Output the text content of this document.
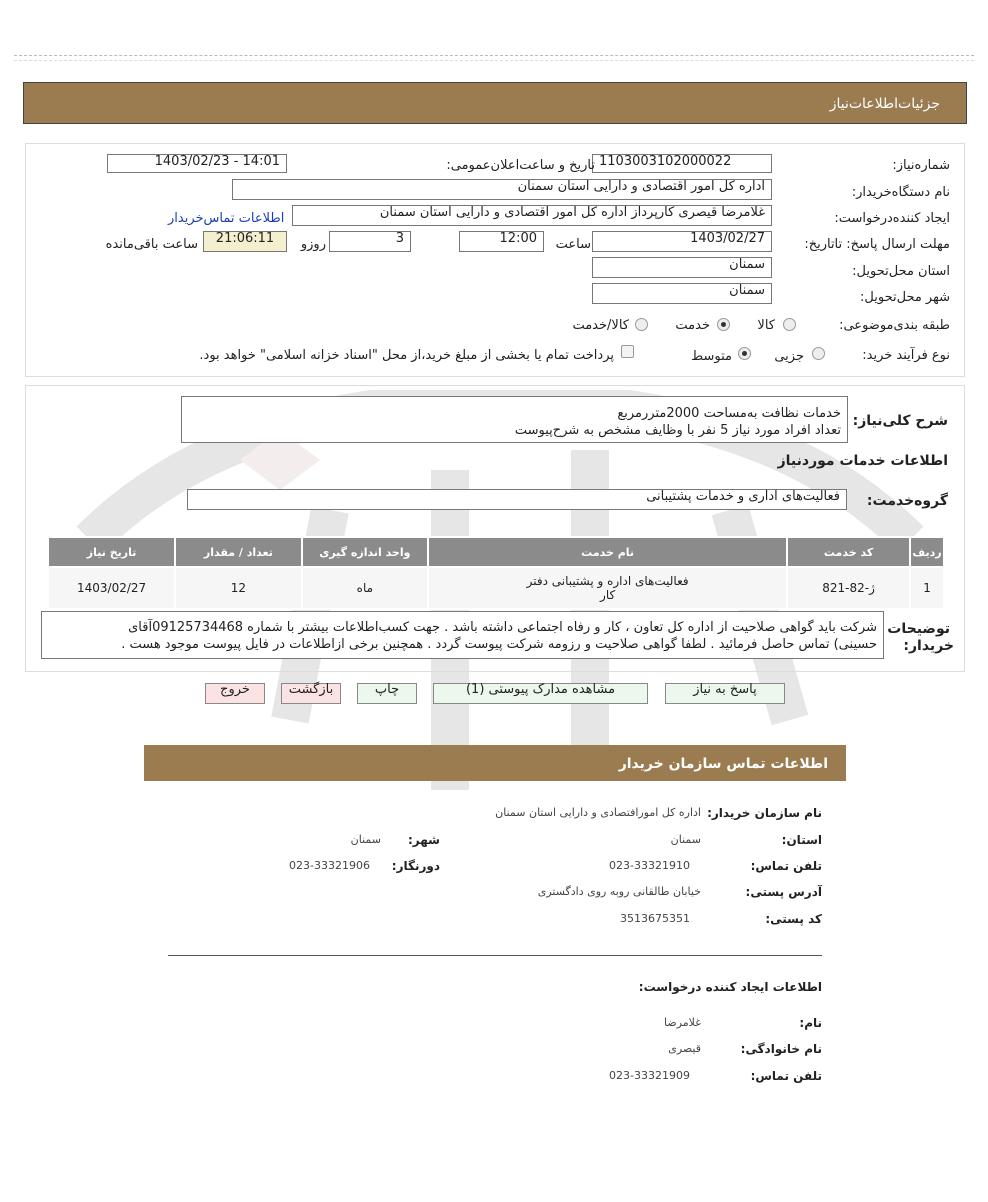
جزئیات‌اطلاعات‌نیاز
شماره‌نیاز:
1103003102000022
تاریخ و ساعت‌اعلان‌عمومی:
1403/02/23 - 14:01
نام دستگاه‌خریدار:
اداره کل امور اقتصادی و دارایی استان سمنان
ایجاد کننده‌درخواست:
غلامرضا قیصری کارپرداز اداره کل امور اقتصادی و دارایی استان سمنان
اطلاعات تماس‌خریدار
مهلت ارسال پاسخ: تاتاریخ:
1403/02/27
ساعت
12:00
3
روزو
21:06:11
ساعت باقی‌مانده
استان محل‌تحویل:
سمنان
شهر محل‌تحویل:
سمنان
طبقه بندی‌موضوعی:
کالا
خدمت
کالا/خدمت
نوع فرآیند خرید:
جزیی
متوسط
پرداخت تمام یا بخشی از مبلغ خرید،از محل "اسناد خزانه اسلامی" خواهد بود.
شرح کلی‌نیاز:
خدمات نظافت به‌مساحت 2000متررمربع
تعداد افراد مورد نیاز 5 نفر با وظایف مشخص به شرح‌پیوست
اطلاعات خدمات مورد‌نیاز
گروه‌خدمت:
فعالیت‌های اداری و خدمات پشتیبانی
ردیف	کد خدمت	نام خدمت	واحد اندازه گیری	تعداد / مقدار	تاریخ نیاز
1	ژ-82-821	فعالیت‌های اداره و پشتیبانی دفتر
کار	ماه	12	1403/02/27
توضیحات
خریدار:
شرکت باید گواهی صلاحیت از اداره کل تعاون ، کار و رفاه اجتماعی داشته باشد . جهت کسب‌اطلاعات بیشتر با شماره 09125734468آقای
حسینی) تماس حاصل فرمائید . لطفا گواهی صلاحیت و رزومه شرکت پیوست گردد . همچنین برخی ازاطلاعات در فایل پیوست موجود هست .
پاسخ به نیاز
مشاهده مدارک پیوستی (1)
چاپ
بازگشت
خروج
اطلاعات تماس سازمان خریدار
نام سازمان خریدار:
اداره کل امورافتصادی و دارایی استان سمنان
استان:
سمنان
شهر:
سمنان
تلفن تماس:
023-33321910
دورنگار:
023-33321906
آدرس پستی:
خیابان طالقانی روبه روی دادگستری
کد پستی:
3513675351
اطلاعات ایجاد کننده درخواست:
نام:
غلامرضا
نام خانوادگی:
قیصری
تلفن تماس:
023-33321909
